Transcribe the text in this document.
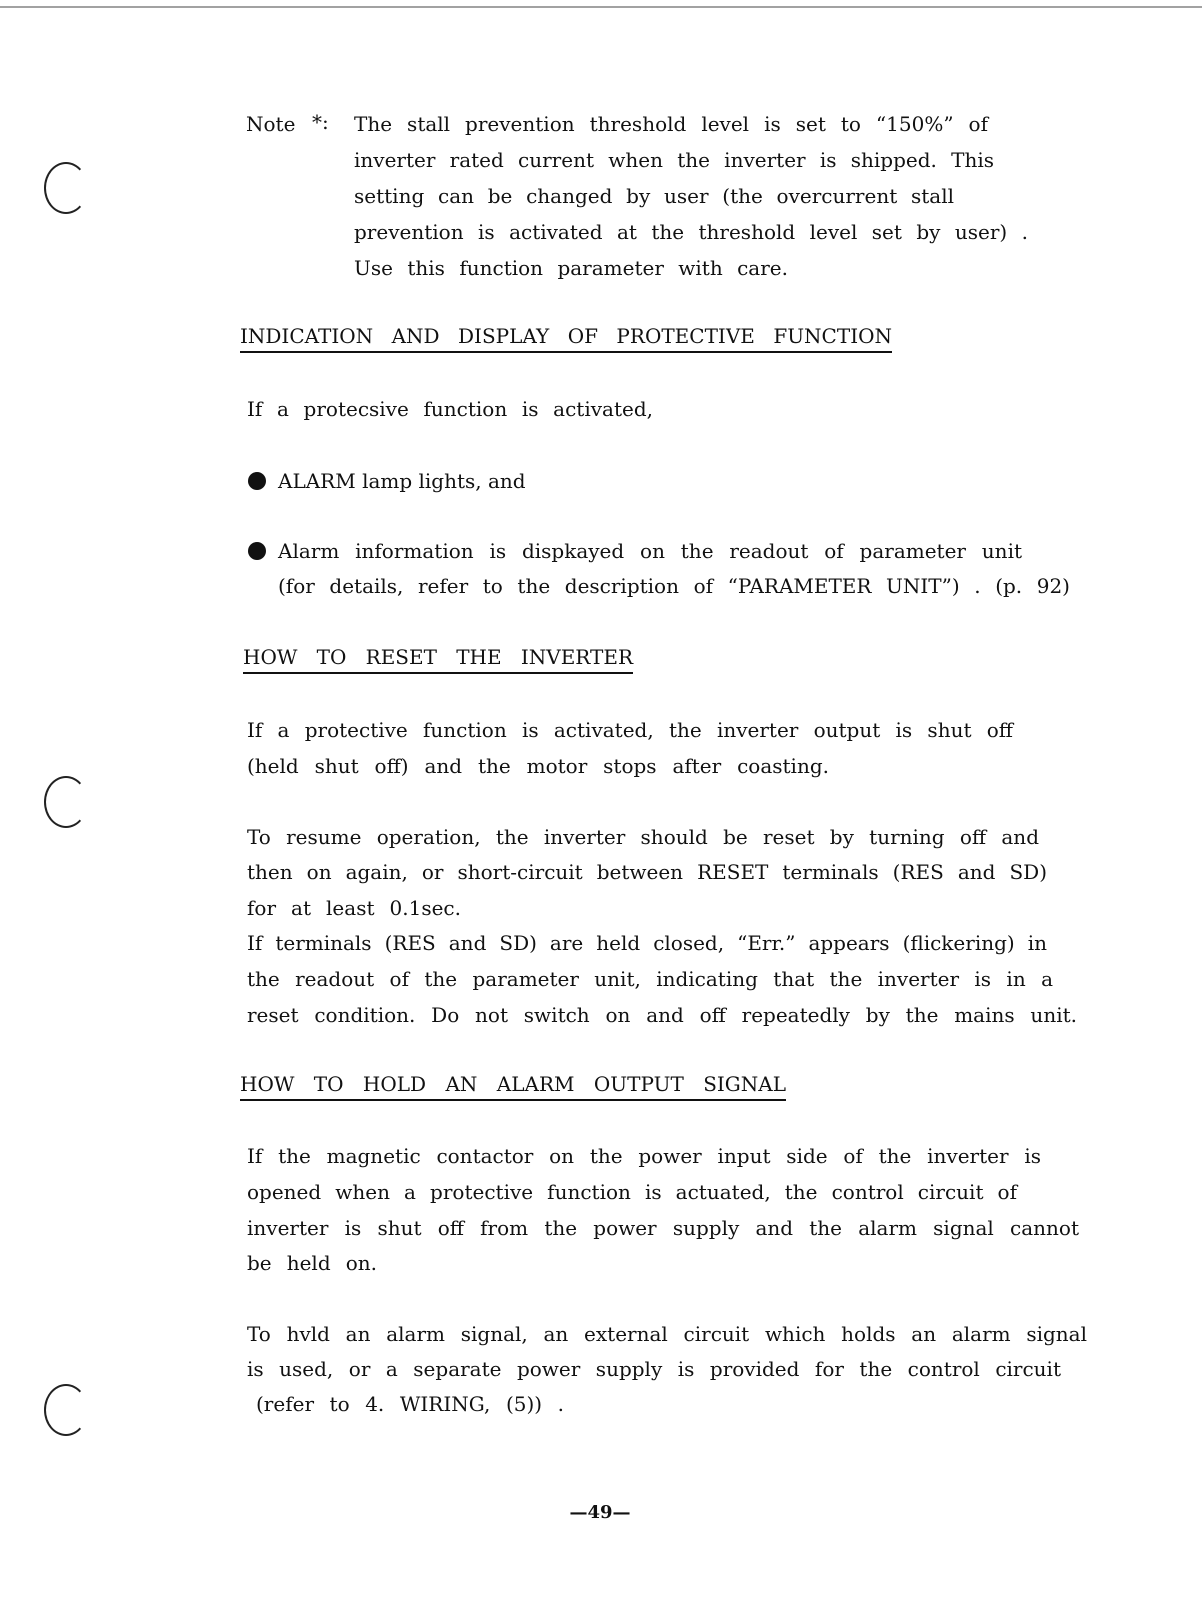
Note *: The stall prevention threshold level is set to “150%” of
inverter rated current when the inverter is shipped. This
setting can be changed by user (the overcurrent stall
prevention is activated at the threshold level set by user) .
Use this function parameter with care.
INDICATION AND DISPLAY OF PROTECTIVE FUNCTION
If a protecsive function is activated,
ALARM lamp lights, and
Alarm information is dispkayed on the readout of parameter unit
(for details, refer to the description of “PARAMETER UNIT”) . (p. 92)
HOW TO RESET THE INVERTER
If a protective function is activated, the inverter output is shut off
(held shut off) and the motor stops after coasting.
To resume operation, the inverter should be reset by turning off and
then on again, or short-circuit between RESET terminals (RES and SD)
for at least 0.1sec.
If terminals (RES and SD) are held closed, “Err.” appears (flickering) in
the readout of the parameter unit, indicating that the inverter is in a
reset condition. Do not switch on and off repeatedly by the mains unit.
HOW TO HOLD AN ALARM OUTPUT SIGNAL
If the magnetic contactor on the power input side of the inverter is
opened when a protective function is actuated, the control circuit of
inverter is shut off from the power supply and the alarm signal cannot
be held on.
To hvld an alarm signal, an external circuit which holds an alarm signal
is used, or a separate power supply is provided for the control circuit
(refer to 4. WIRING, (5)) .
—49—
